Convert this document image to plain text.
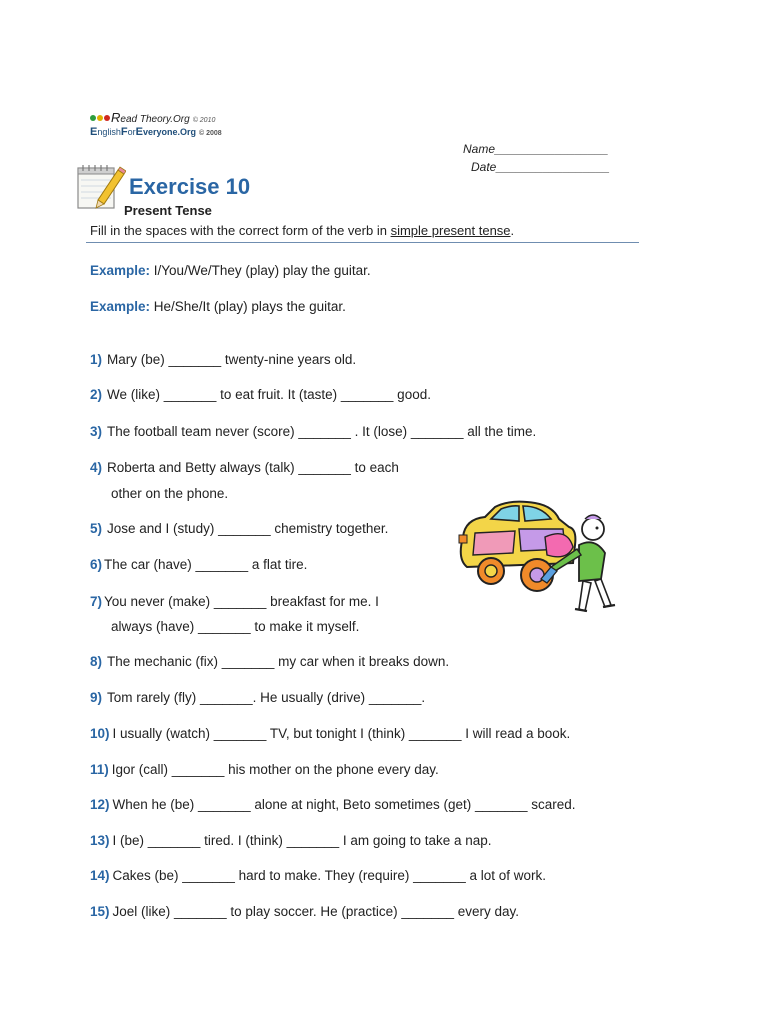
Read Theory.Org © 2010
EnglishForEveryone.Org © 2008
Name_________________
Date_________________
Exercise 10
Present Tense
Fill in the spaces with the correct form of the verb in simple present tense.
Example: I/You/We/They (play) play the guitar.
Example: He/She/It (play) plays the guitar.
1) Mary (be) _______ twenty-nine years old.
2) We (like) _______ to eat fruit. It (taste) _______ good.
3) The football team never (score) _______ . It (lose) _______ all the time.
4) Roberta and Betty always (talk) _______ to each
other on the phone.
5) Jose and I (study) _______ chemistry together.
6) The car (have) _______ a flat tire.
7) You never (make) _______ breakfast for me. I
always (have) _______ to make it myself.
8) The mechanic (fix) _______ my car when it breaks down.
9) Tom rarely (fly) _______. He usually (drive) _______.
10) I usually (watch) _______ TV, but tonight I (think) _______ I will read a book.
11) Igor (call) _______ his mother on the phone every day.
12) When he (be) _______ alone at night, Beto sometimes (get) _______ scared.
13) I (be) _______ tired. I (think) _______ I am going to take a nap.
14) Cakes (be) _______ hard to make. They (require) _______ a lot of work.
15) Joel (like) _______ to play soccer. He (practice) _______ every day.
